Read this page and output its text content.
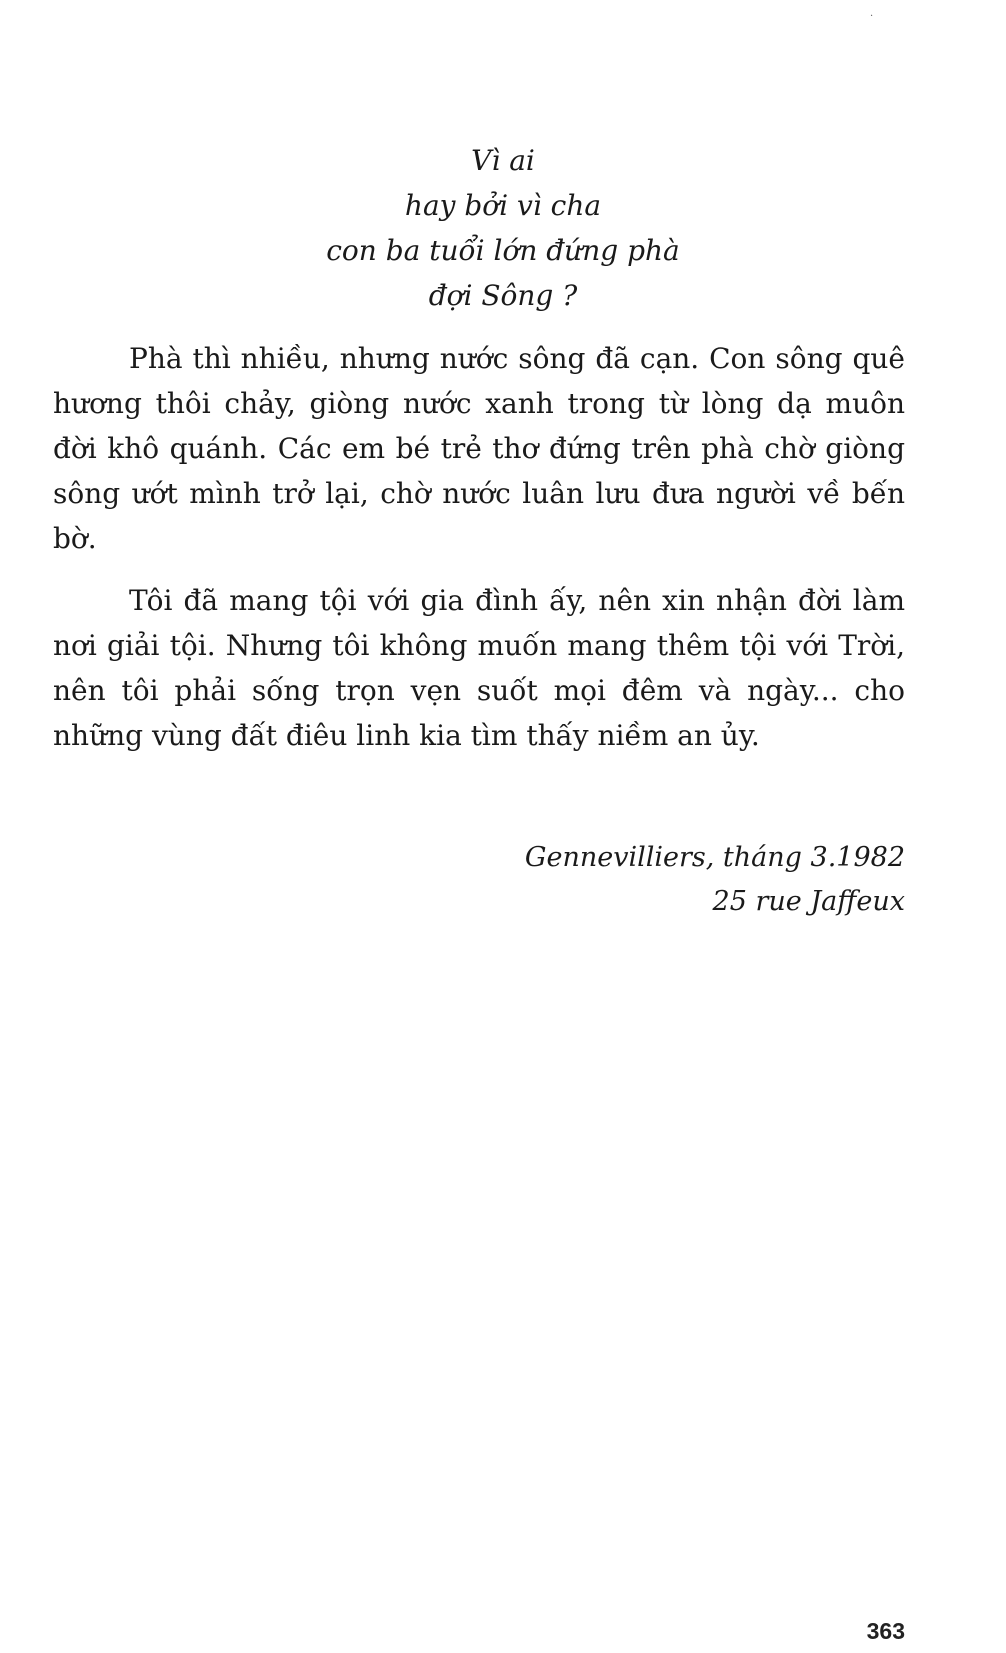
·
Vì ai
hay bởi vì cha
con ba tuổi lớn đứng phà
đợi Sông ?

Phà thì nhiều, nhưng nước sông đã cạn. Con sông quê hương thôi chảy, giòng nước xanh trong từ lòng dạ muôn đời khô quánh. Các em bé trẻ thơ đứng trên phà chờ giòng sông ướt mình trở lại, chờ nước luân lưu đưa người về bến bờ.

Tôi đã mang tội với gia đình ấy, nên xin nhận đời làm nơi giải tội. Nhưng tôi không muốn mang thêm tội với Trời, nên tôi phải sống trọn vẹn suốt mọi đêm và ngày... cho những vùng đất điêu linh kia tìm thấy niềm an ủy.

Gennevilliers, tháng 3.1982
25 rue Jaffeux
363
